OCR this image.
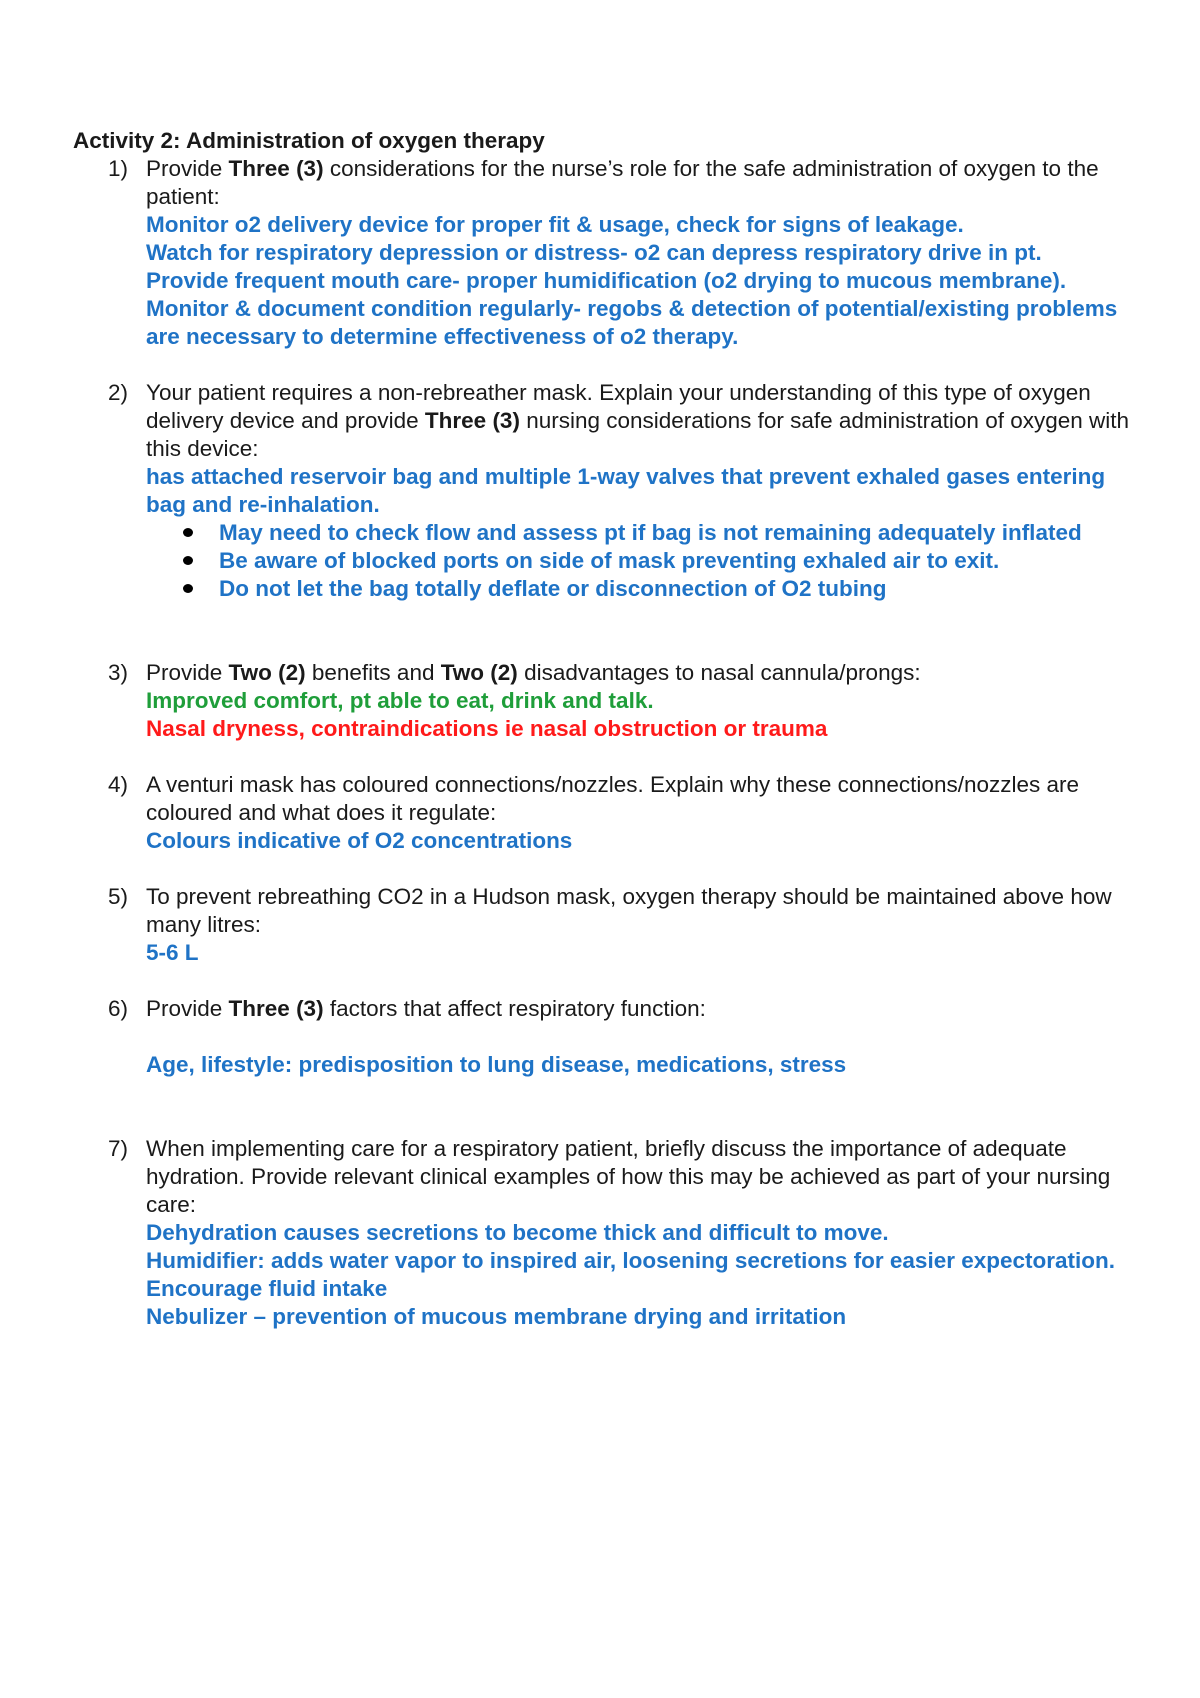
Activity 2: Administration of oxygen therapy

1) Provide Three (3) considerations for the nurse’s role for the safe administration of oxygen to the patient:

Monitor o2 delivery device for proper fit & usage, check for signs of leakage.

Watch for respiratory depression or distress- o2 can depress respiratory drive in pt.

Provide frequent mouth care- proper humidification (o2 drying to mucous membrane).

Monitor & document condition regularly- regobs & detection of potential/existing problems are necessary to determine effectiveness of o2 therapy.

2) Your patient requires a non-rebreather mask. Explain your understanding of this type of oxygen delivery device and provide Three (3) nursing considerations for safe administration of oxygen with this device:

has attached reservoir bag and multiple 1-way valves that prevent exhaled gases entering bag and re-inhalation.

May need to check flow and assess pt if bag is not remaining adequately inflated
Be aware of blocked ports on side of mask preventing exhaled air to exit.
Do not let the bag totally deflate or disconnection of O2 tubing
3) Provide Two (2) benefits and Two (2) disadvantages to nasal cannula/prongs:

Improved comfort, pt able to eat, drink and talk.

Nasal dryness, contraindications ie nasal obstruction or trauma

4) A venturi mask has coloured connections/nozzles. Explain why these connections/nozzles are coloured and what does it regulate:

Colours indicative of O2 concentrations

5) To prevent rebreathing CO2 in a Hudson mask, oxygen therapy should be maintained above how many litres:

5-6 L

6) Provide Three (3) factors that affect respiratory function:

Age, lifestyle: predisposition to lung disease, medications, stress

7) When implementing care for a respiratory patient, briefly discuss the importance of adequate hydration. Provide relevant clinical examples of how this may be achieved as part of your nursing care:

Dehydration causes secretions to become thick and difficult to move.

Humidifier: adds water vapor to inspired air, loosening secretions for easier expectoration.

Encourage fluid intake

Nebulizer – prevention of mucous membrane drying and irritation
